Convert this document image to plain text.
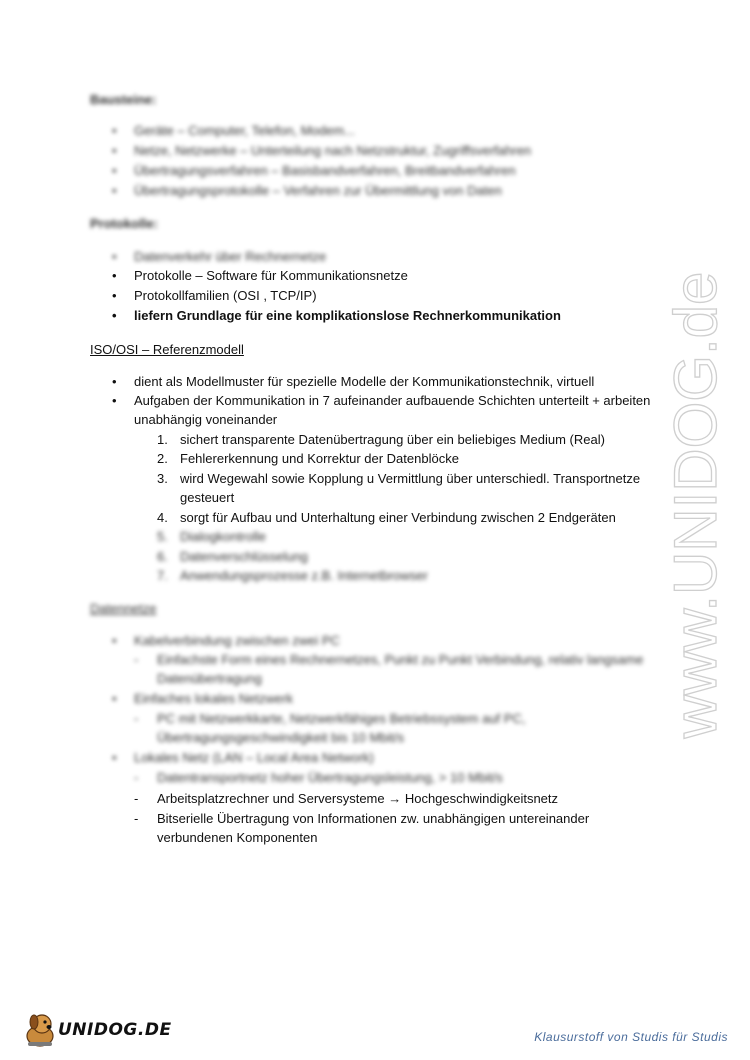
Bausteine:
• Geräte – Computer, Telefon, Modem...
• Netze, Netzwerke – Unterteilung nach Netzstruktur, Zugriffsverfahren
• Übertragungsverfahren – Basisbandverfahren, Breitbandverfahren
• Übertragungsprotokolle – Verfahren zur Übermittlung von Daten
Protokolle:
• Datenverkehr über Rechnernetze
• Protokolle – Software für Kommunikationsnetze
• Protokollfamilien (OSI , TCP/IP)
• liefern Grundlage für eine komplikationslose Rechnerkommunikation
ISO/OSI – Referenzmodell
• dient als Modellmuster für spezielle Modelle der Kommunikationstechnik, virtuell
• Aufgaben der Kommunikation in 7 aufeinander aufbauende Schichten unterteilt + arbeiten
unabhängig voneinander
1. sichert transparente Datenübertragung über ein beliebiges Medium (Real)
2. Fehlererkennung und Korrektur der Datenblöcke
3. wird Wegewahl sowie Kopplung u Vermittlung über unterschiedl. Transportnetze
gesteuert
4. sorgt für Aufbau und Unterhaltung einer Verbindung zwischen 2 Endgeräten
5. Dialogkontrolle
6. Datenverschlüsselung
7. Anwendungsprozesse z.B. Internetbrowser
Datennetze
• Kabelverbindung zwischen zwei PC
- Einfachste Form eines Rechnernetzes, Punkt zu Punkt Verbindung, relativ langsame
Datenübertragung
• Einfaches lokales Netzwerk
- PC mit Netzwerkkarte, Netzwerkfähiges Betriebssystem auf PC,
Übertragungsgeschwindigkeit bis 10 Mbit/s
• Lokales Netz (LAN – Local Area Network)
- Datentransportnetz hoher Übertragungsleistung, > 10 Mbit/s
- Arbeitsplatzrechner und Serversysteme → Hochgeschwindigkeitsnetz
- Bitserielle Übertragung von Informationen zw. unabhängigen untereinander
verbundenen Komponenten
www.UNIDOG.de
UNIDOG.DE	Klausurstoff von Studis für Studis
